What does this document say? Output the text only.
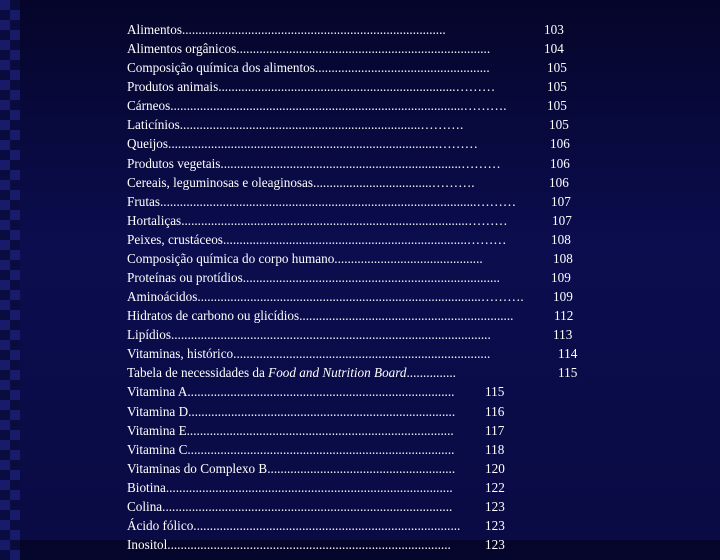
Alimentos................................................................................	103
Alimentos orgânicos.............................................................................	104
Composição química dos alimentos.....................................................	105
Produtos animais........................................................................………	105
Cárneos.........................................................................................……….	105
Laticínios.........................................................................……….	105
Queijos..................................................................................………	106
Produtos vegetais.........................................................................………	106
Cereais, leguminosas e oleaginosas....................................……….	106
Frutas................................................................................................………	107
Hortaliças.......................................................................................………	107
Peixes, crustáceos..........................................................................………	108
Composição química do corpo humano.............................................	108
Proteínas ou protídios..............................................................................	109
Aminoácidos......................................................................................……….	109
Hidratos de carbono ou glicídios.................................................................	112
Lipídios.................................................................................................	113
Vitaminas, histórico..............................................................................	114
Tabela de necessidades da Food and Nutrition Board...............	115
Vitamina A.................................................................................	115
Vitamina D.................................................................................	116
Vitamina E.................................................................................	117
Vitamina C.................................................................................	118
Vitaminas do Complexo B.........................................................	120
Biotina.......................................................................................	122
Colina........................................................................................	123
Ácido fólico.................................................................................	123
Inositol......................................................................................	123
